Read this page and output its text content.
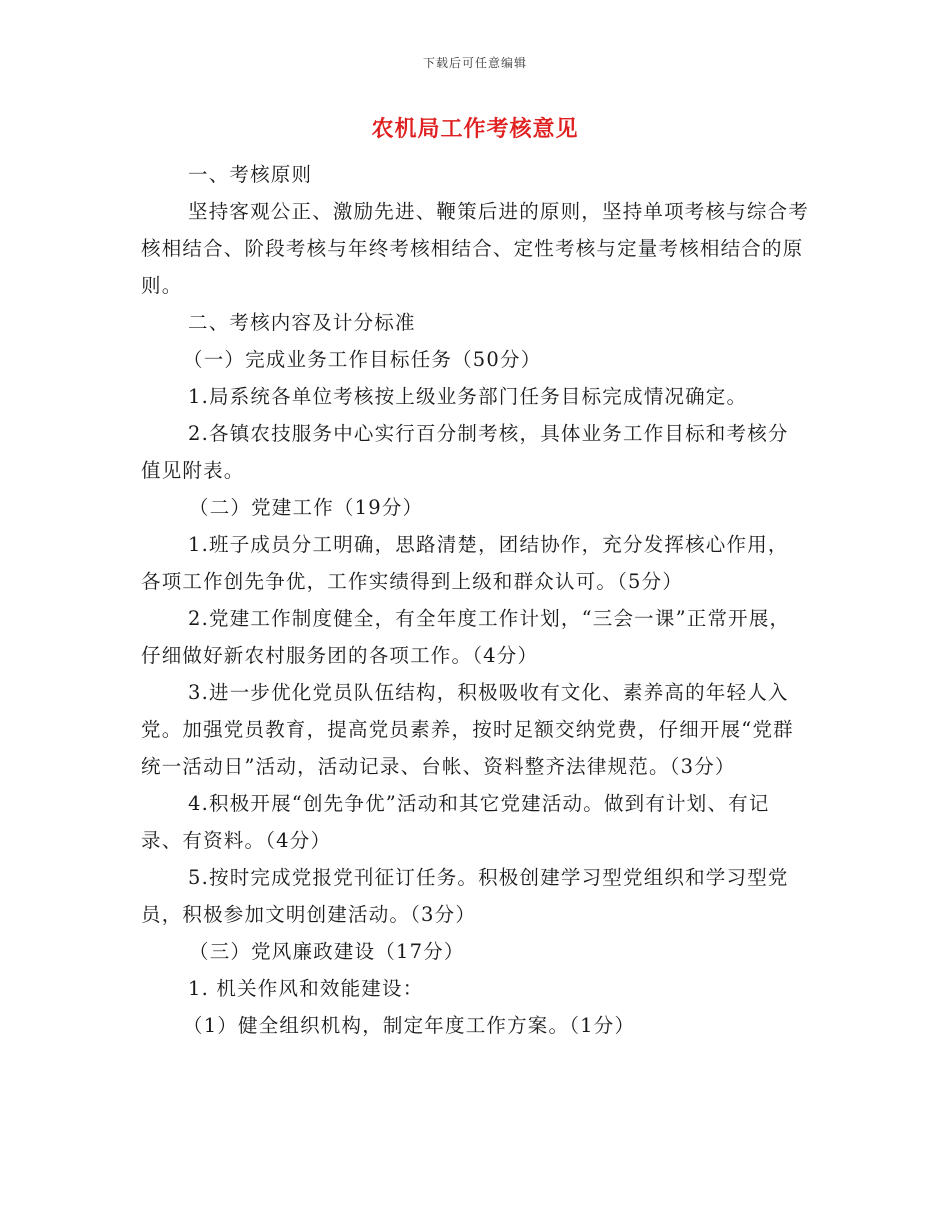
下载后可任意编辑
农机局工作考核意见

一、考核原则

坚持客观公正、激励先进、鞭策后进的原则，坚持单项考核与综合考核相结合、阶段考核与年终考核相结合、定性考核与定量考核相结合的原则。

二、考核内容及计分标准

（一）完成业务工作目标任务（50分）

1.局系统各单位考核按上级业务部门任务目标完成情况确定。

2.各镇农技服务中心实行百分制考核，具体业务工作目标和考核分值见附表。

（二）党建工作（19分）

1.班子成员分工明确，思路清楚，团结协作，充分发挥核心作用，各项工作创先争优，工作实绩得到上级和群众认可。（5分）

2.党建工作制度健全，有全年度工作计划，“三会一课”正常开展，仔细做好新农村服务团的各项工作。（4分）

3.进一步优化党员队伍结构，积极吸收有文化、素养高的年轻人入党。加强党员教育，提高党员素养，按时足额交纳党费，仔细开展“党群统一活动日”活动，活动记录、台帐、资料整齐法律规范。（3分）

4.积极开展“创先争优”活动和其它党建活动。做到有计划、有记录、有资料。（4分）

5.按时完成党报党刊征订任务。积极创建学习型党组织和学习型党员，积极参加文明创建活动。（3分）

（三）党风廉政建设（17分）

1. 机关作风和效能建设：

（1）健全组织机构，制定年度工作方案。（1分）
